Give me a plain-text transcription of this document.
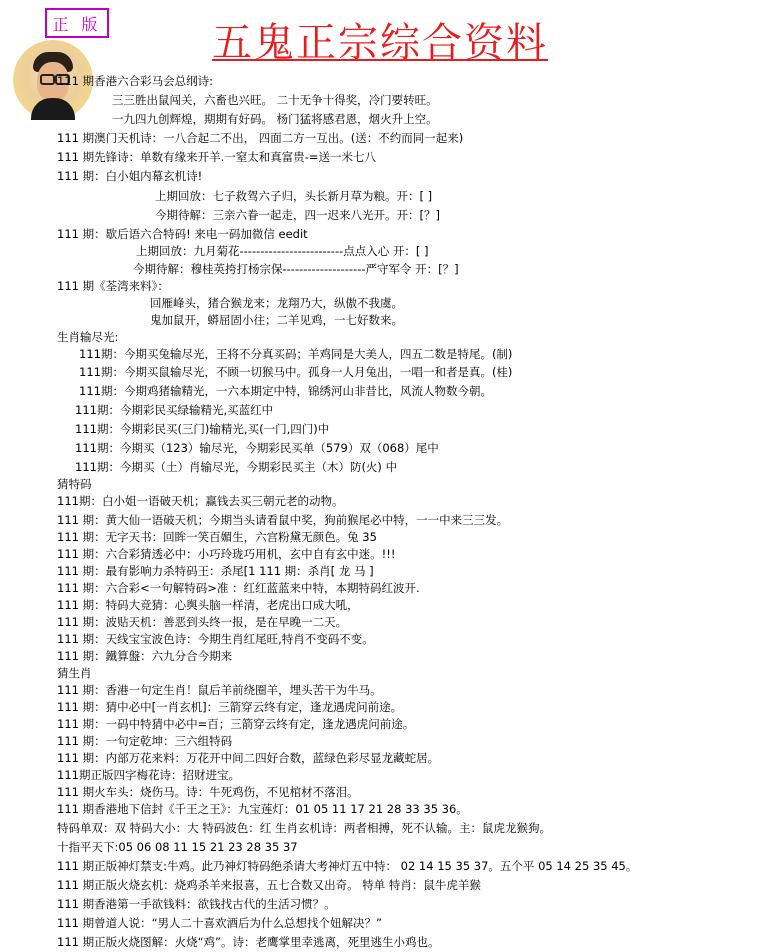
正 版	五鬼正宗综合资料
111 期香港六合彩马会总纲诗:
三三胜出鼠闯关，六畜也兴旺。 二十无争十得奖，冷门要转旺。
一九四九创辉煌，期期有好码。 杨门猛将感君恩，烟火升上空。
111 期澳门天机诗：一八合起二不出， 四面二方一互出。(送：不约而同一起来)
111 期先锋诗：单数有缘来开羊.一窒太和真富贵-=送一米七八
111 期：白小姐内幕玄机诗!
上期回放：七子救驾六子归，头长新月草为粮。开：[ ]
今期待解：三亲六眷一起走，四一迟来八光开。开：[？]
111 期：歇后语六合特码! 来电一码加微信 eedit
上期回放：九月菊花-------------------------点点入心 开：[ ]
今期待解：穆桂英挎打杨宗保--------------------严守军令 开：[？]
111 期《荃湾来料》：
回雁峰头，猪合猴龙来；龙翔乃大，纵傲不我虞。
鬼加鼠开，蟒屈固小往；二羊见鸡，一七好数来。
生肖输尽光:
111期：今期买兔输尽光，王将不分真买码；羊鸡同是大美人，四五二数是特尾。(制)
111期：今期买鼠输尽光，不顾一切猴马中。孤身一人月兔出，一唱一和者是真。(桂)
111期：今期鸡猪输精光，一六本期定中特，锦绣河山非昔比，风流人物数今朝。
111期：今期彩民买绿输精光,买蓝红中
111期：今期彩民买(三门)输精光,买(一门,四门)中
111期：今期买（123）输尽光，今期彩民买单（579）双（068）尾中
111期：今期买（土）肖输尽光，今期彩民买主（木）防(火) 中
猜特码
111期：白小姐一语破天机；赢钱去买三朝元老的动物。
111 期：黄大仙一语破天机；今期当头请看鼠中奖，狗前猴尾必中特，一一中来三三发。
111 期：无字天书：回眸一笑百媚生，六宫粉黛无颜色。兔 35
111 期：六合彩猜透必中：小巧玲珑巧用机，玄中自有玄中迷。!!!
111 期：最有影响力杀特码王：杀尾[1 111 期：杀肖[ 龙 马 ]
111 期：六合彩<一句解特码>准 ：红红蓝蓝来中特，本期特码红波开.
111 期：特码大竞猜：心舆头脑一样清，老虎出口成大吼，
111 期：波贴天机：善恶到头终一报，是在早晚一二天。
111 期：天线宝宝波色诗：今期生肖红尾旺,特肖不变码不变。
111 期：鐵算盤：六九分合今期来
猜生肖
111 期：香港一句定生肖！鼠后羊前绕圈羊，埋头苦干为牛马。
111 期：猜中必中[一肖玄机]：三箭穿云终有定，逢龙遇虎问前途。
111 期：一码中特猜中必中=百；三箭穿云终有定，逢龙遇虎问前途。
111 期：一句定乾坤：三六组特码
111 期：内部万花来料：万花开中间二四好合数，蓝绿色彩尽显龙藏蛇居。
111期正版四字梅花诗：招财进宝。
111 期火车头：烧伤马。诗：牛死鸡伤，不见棺材不落泪。
111 期香港地下信封《千王之王》：九宝莲灯：01 05 11 17 21 28 33 35 36。
特码单双：双 特码大小：大 特码波色：红 生肖玄机诗：两者相搏，死不认输。主：鼠虎龙猴狗。
十指平天下:05 06 08 11 15 21 23 28 35 37
111 期正版神灯禁支:牛鸡。此乃神灯特码绝杀请大考神灯五中特： 02 14 15 35 37。五个平 05 14 25 35 45。
111 期正版火烧玄机：烧鸡杀羊来报喜，五七合数又出奇。 特单 特肖：鼠牛虎羊猴
111 期香港第一手欲钱料：欲钱找古代的生活习惯？。
111 期曾道人说：“男人二十喜欢酒后为什么总想找个妞解决？”
111 期正版火烧图解：火烧“鸡”。诗：老鹰掌里幸逃离，死里逃生小鸡也。
